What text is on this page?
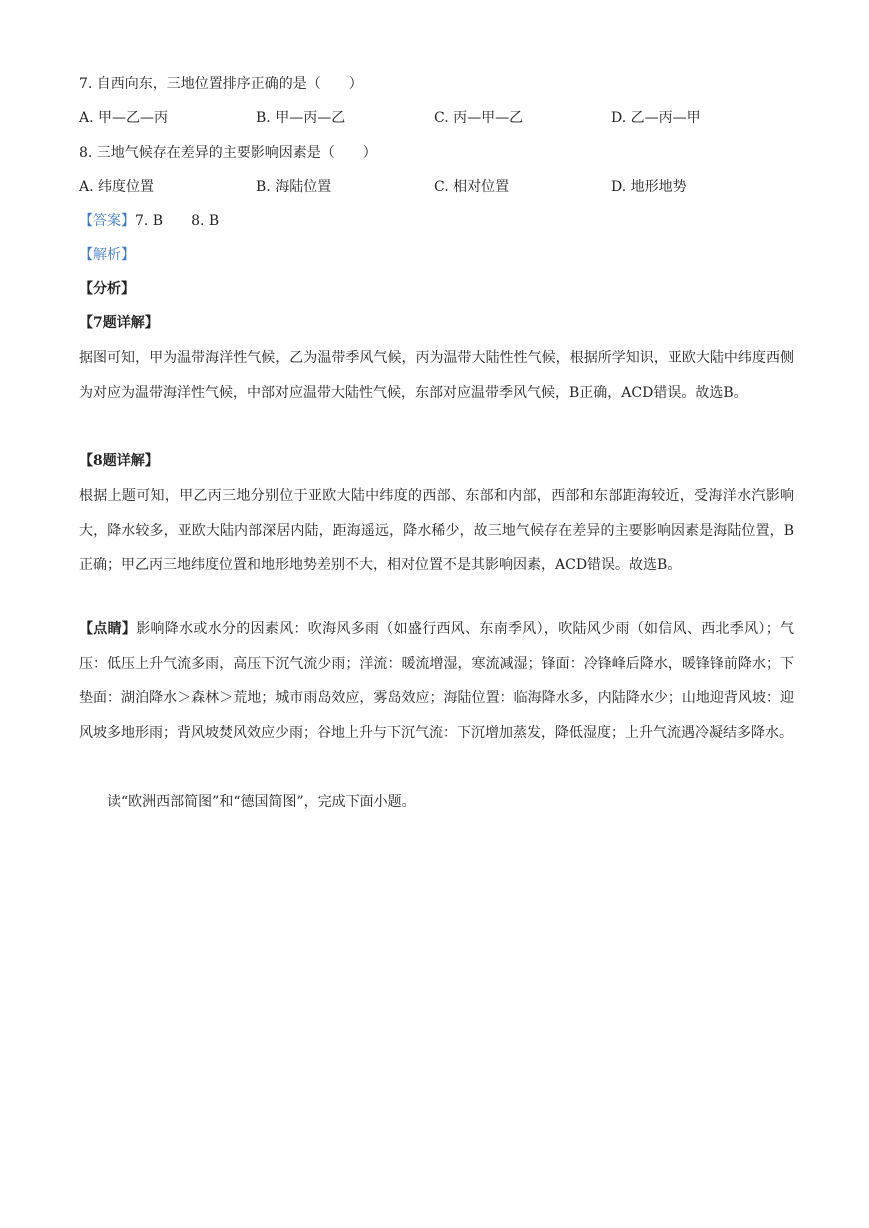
7. 自西向东，三地位置排序正确的是（　　）
A. 甲—乙—丙	B. 甲—丙—乙	C. 丙—甲—乙	D. 乙—丙—甲
8. 三地气候存在差异的主要影响因素是（　　）
A. 纬度位置	B. 海陆位置	C. 相对位置	D. 地形地势
【答案】7. B　　8. B
【解析】
【分析】
【7题详解】
据图可知，甲为温带海洋性气候，乙为温带季风气候，丙为温带大陆性性气候，根据所学知识，亚欧大陆中纬度西侧为对应为温带海洋性气候，中部对应温带大陆性气候，东部对应温带季风气候，B正确，ACD错误。故选B。
【8题详解】
根据上题可知，甲乙丙三地分别位于亚欧大陆中纬度的西部、东部和内部，西部和东部距海较近，受海洋水汽影响大，降水较多，亚欧大陆内部深居内陆，距海遥远，降水稀少，故三地气候存在差异的主要影响因素是海陆位置，B正确；甲乙丙三地纬度位置和地形地势差别不大，相对位置不是其影响因素，ACD错误。故选B。
【点睛】影响降水或水分的因素风：吹海风多雨（如盛行西风、东南季风），吹陆风少雨（如信风、西北季风）；气压：低压上升气流多雨，高压下沉气流少雨；洋流：暖流增湿，寒流减湿；锋面：冷锋峰后降水，暖锋锋前降水；下垫面：湖泊降水＞森林＞荒地；城市雨岛效应，雾岛效应；海陆位置：临海降水多，内陆降水少；山地迎背风坡：迎风坡多地形雨；背风坡焚风效应少雨；谷地上升与下沉气流：下沉增加蒸发，降低湿度；上升气流遇冷凝结多降水。
读“欧洲西部简图”和“德国简图”，完成下面小题。
